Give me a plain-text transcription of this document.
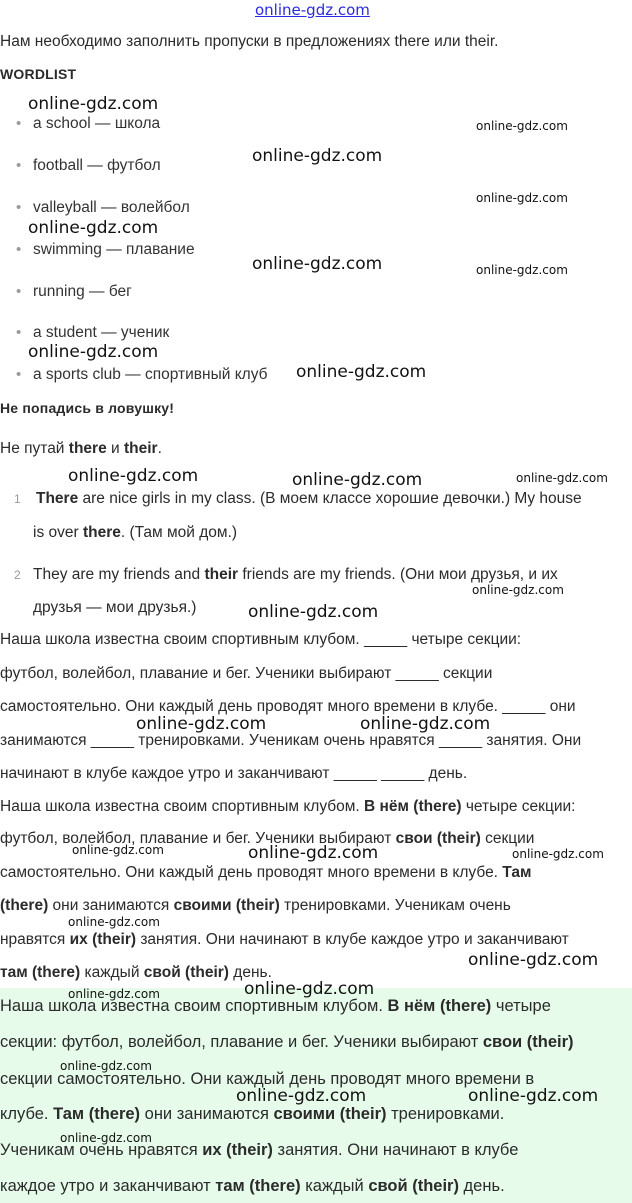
online-gdz.com
Нам необходимо заполнить пропуски в предложениях there или their.
WORDLIST
• a school — школа
• football — футбол
• valleyball — волейбол
• swimming — плавание
• running — бег
• a student — ученик
• a sports club — спортивный клуб
Не попадись в ловушку!
Не путай there и their.
1 There are nice girls in my class. (В моем классе хорошие девочки.) My house
is over there. (Там мой дом.)
2 They are my friends and their friends are my friends. (Они мои друзья, и их
друзья — мои друзья.)
Наша школа известна своим спортивным клубом. _____ четыре секции:
футбол, волейбол, плавание и бег. Ученики выбирают _____ секции
самостоятельно. Они каждый день проводят много времени в клубе. _____ они
занимаются _____ тренировками. Ученикам очень нравятся _____ занятия. Они
начинают в клубе каждое утро и заканчивают _____ _____ день.
Наша школа известна своим спортивным клубом. В нём (there) четыре секции:
футбол, волейбол, плавание и бег. Ученики выбирают свои (their) секции
самостоятельно. Они каждый день проводят много времени в клубе. Там
(there) они занимаются своими (their) тренировками. Ученикам очень
нравятся их (their) занятия. Они начинают в клубе каждое утро и заканчивают
там (there) каждый свой (their) день.
Наша школа известна своим спортивным клубом. В нём (there) четыре
секции: футбол, волейбол, плавание и бег. Ученики выбирают свои (their)
секции самостоятельно. Они каждый день проводят много времени в
клубе. Там (there) они занимаются своими (their) тренировками.
Ученикам очень нравятся их (their) занятия. Они начинают в клубе
каждое утро и заканчивают там (there) каждый свой (their) день.
online-gdz.com
online-gdz.com
online-gdz.com
online-gdz.com
online-gdz.com
online-gdz.com	online-gdz.com
online-gdz.com
online-gdz.com
online-gdz.com	online-gdz.com	online-gdz.com
online-gdz.com
online-gdz.com
online-gdz.com	online-gdz.com
online-gdz.com	online-gdz.com	online-gdz.com
online-gdz.com
online-gdz.com
online-gdz.com
online-gdz.com
online-gdz.com
online-gdz.com	online-gdz.com
online-gdz.com
